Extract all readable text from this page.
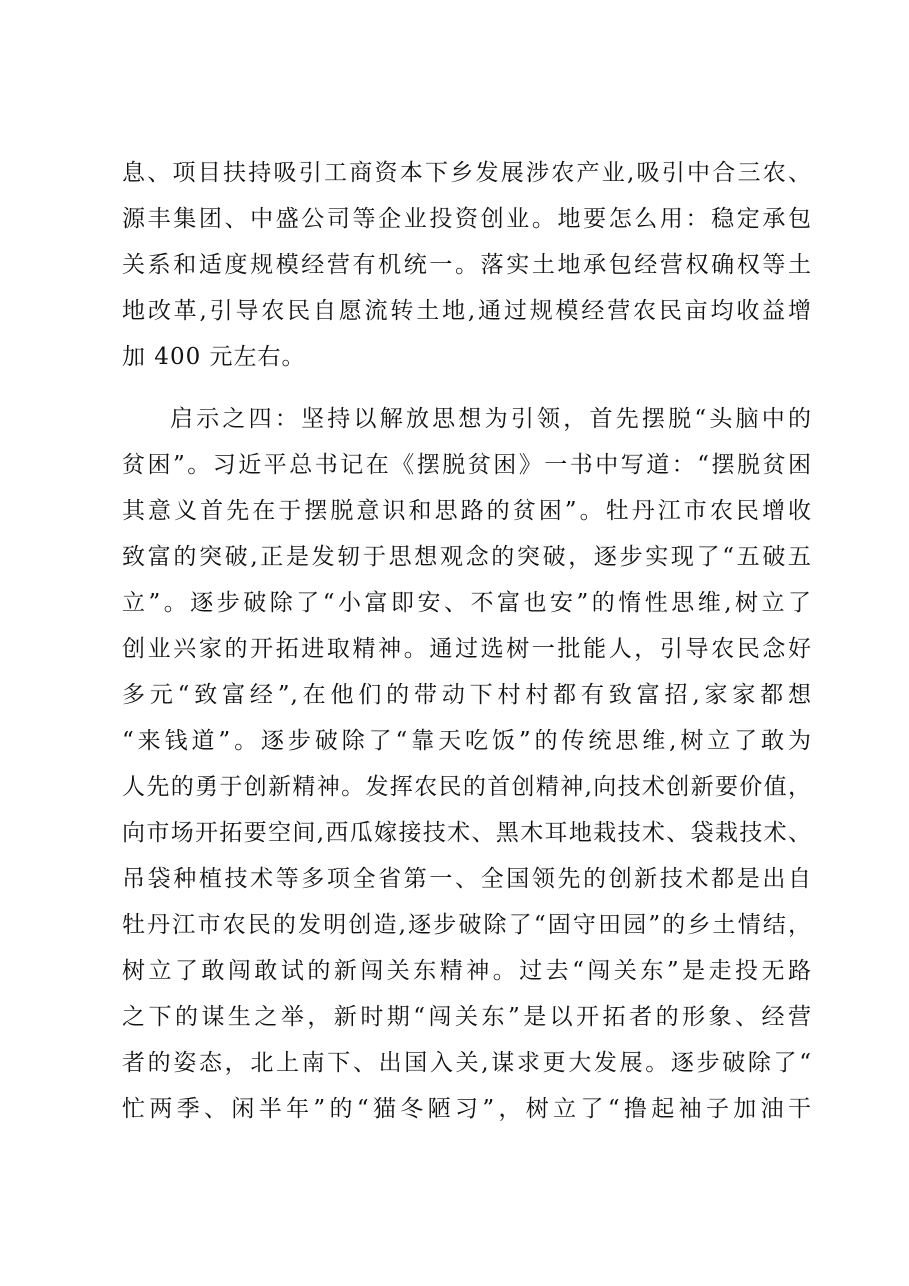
息、项目扶持吸引工商资本下乡发展涉农产业,吸引中合三农、
源丰集团、中盛公司等企业投资创业。地要怎么用：稳定承包
关系和适度规模经营有机统一。落实土地承包经营权确权等土
地改革,引导农民自愿流转土地,通过规模经营农民亩均收益增
加 400 元左右。
启示之四：坚持以解放思想为引领，首先摆脱“头脑中的
贫困”。习近平总书记在《摆脱贫困》一书中写道：“摆脱贫困
其意义首先在于摆脱意识和思路的贫困”。牡丹江市农民增收
致富的突破,正是发轫于思想观念的突破，逐步实现了“五破五
立”。逐步破除了“小富即安、不富也安”的惰性思维,树立了
创业兴家的开拓进取精神。通过选树一批能人，引导农民念好
多元“致富经”,在他们的带动下村村都有致富招,家家都想
“来钱道”。逐步破除了“靠天吃饭”的传统思维,树立了敢为
人先的勇于创新精神。发挥农民的首创精神,向技术创新要价值，
向市场开拓要空间,西瓜嫁接技术、黑木耳地栽技术、袋栽技术、
吊袋种植技术等多项全省第一、全国领先的创新技术都是出自
牡丹江市农民的发明创造,逐步破除了“固守田园”的乡土情结，
树立了敢闯敢试的新闯关东精神。过去“闯关东”是走投无路
之下的谋生之举，新时期“闯关东”是以开拓者的形象、经营
者的姿态，北上南下、出国入关,谋求更大发展。逐步破除了“
忙两季、闲半年”的“猫冬陋习”，树立了“撸起袖子加油干
